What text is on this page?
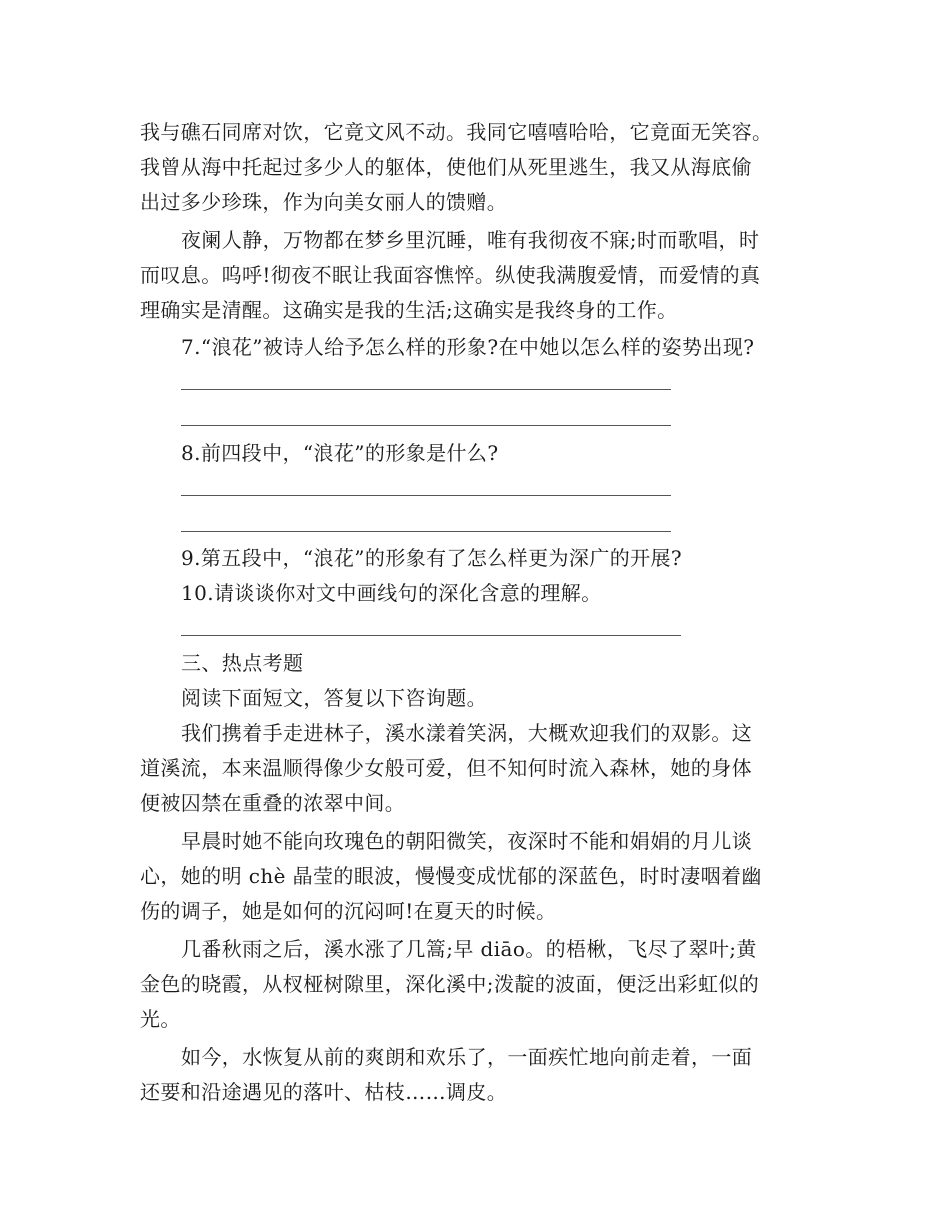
我与礁石同席对饮，它竟文风不动。我同它嘻嘻哈哈，它竟面无笑容。
我曾从海中托起过多少人的躯体，使他们从死里逃生，我又从海底偷
出过多少珍珠，作为向美女丽人的馈赠。
夜阑人静，万物都在梦乡里沉睡，唯有我彻夜不寐;时而歌唱，时
而叹息。呜呼!彻夜不眠让我面容憔悴。纵使我满腹爱情，而爱情的真
理确实是清醒。这确实是我的生活;这确实是我终身的工作。
7.“浪花”被诗人给予怎么样的形象?在中她以怎么样的姿势出现?
8.前四段中，“浪花”的形象是什么?
9.第五段中，“浪花”的形象有了怎么样更为深广的开展?
10.请谈谈你对文中画线句的深化含意的理解。
三、热点考题
阅读下面短文，答复以下咨询题。
我们携着手走进林子，溪水漾着笑涡，大概欢迎我们的双影。这
道溪流，本来温顺得像少女般可爱，但不知何时流入森林，她的身体
便被囚禁在重叠的浓翠中间。
早晨时她不能向玫瑰色的朝阳微笑，夜深时不能和娟娟的月儿谈
心，她的明 chè 晶莹的眼波，慢慢变成忧郁的深蓝色，时时凄咽着幽
伤的调子，她是如何的沉闷呵!在夏天的时候。
几番秋雨之后，溪水涨了几篙;早 diāo。的梧楸，飞尽了翠叶;黄
金色的晓霞，从杈桠树隙里，深化溪中;泼靛的波面，便泛出彩虹似的
光。
如今，水恢复从前的爽朗和欢乐了，一面疾忙地向前走着，一面
还要和沿途遇见的落叶、枯枝……调皮。
